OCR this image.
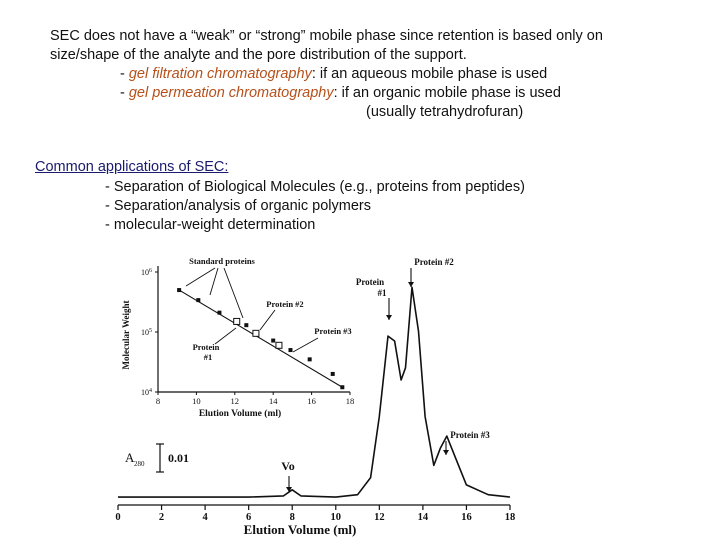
SEC does not have a “weak” or “strong” mobile phase since retention is based only on

size/shape of the analyte and the pore distribution of the support.

- gel filtration chromatography: if an aqueous mobile phase is used

- gel permeation chromatography: if an organic mobile phase is used

(usually tetrahydrofuran)

Common applications of SEC:

- Separation of Biological Molecules (e.g., proteins from peptides)

- Separation/analysis of organic polymers

- molecular-weight determination

0	2	4	6	8	10	12	14	16	18
Elution Volume (ml)
Vo
Protein
#1
Protein #2
Protein #3
A 280 0.01
8	10	12	14	16	18
$10^6$
$10^5$
$10^4$
Elution Volume (ml)
Molecular Weight
Standard proteins
Protein #2
Protein #3
Protein
#1
